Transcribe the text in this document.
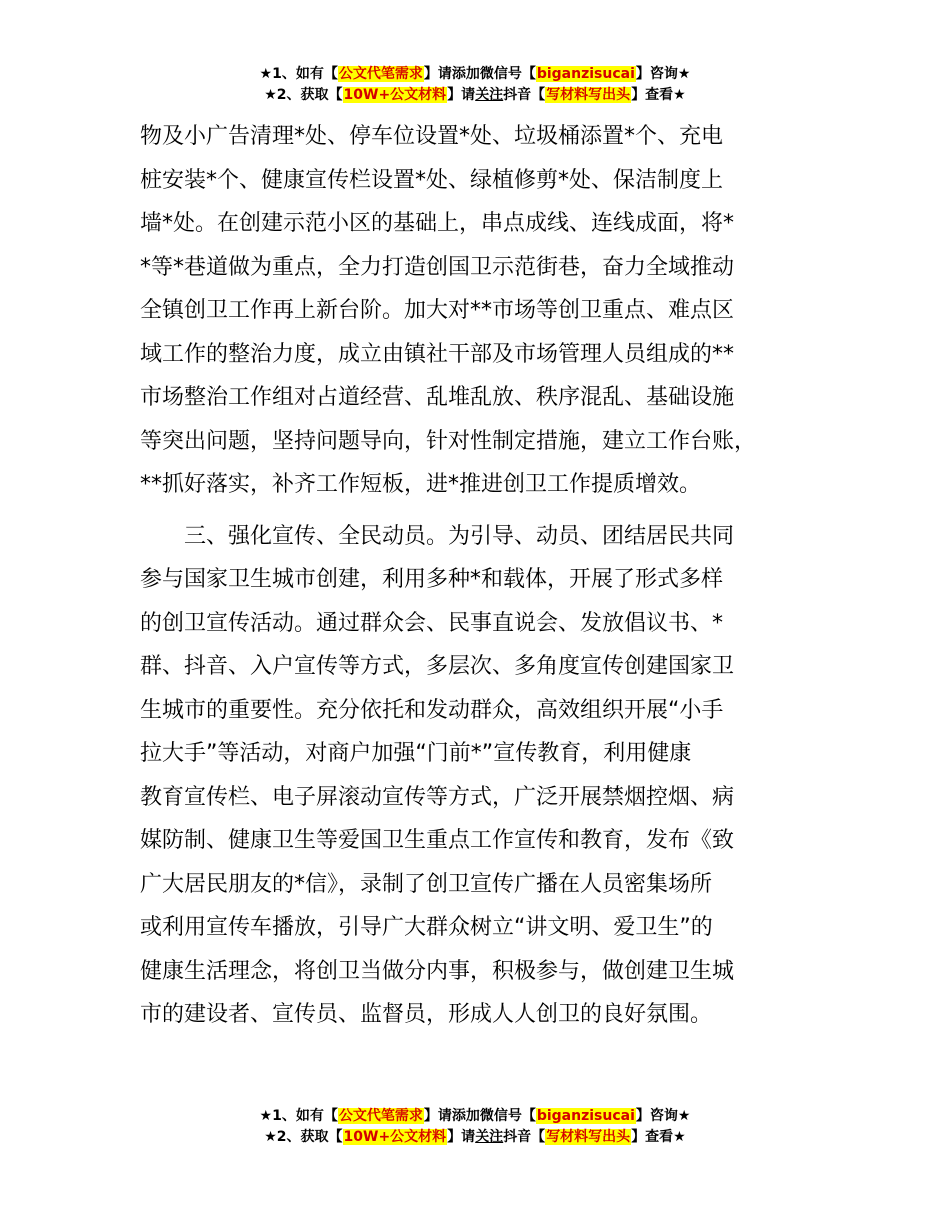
★1、如有【公文代笔需求】请添加微信号【biganzisucai】咨询★
★2、获取【10W+公文材料】请关注抖音【写材料写出头】查看★

物及小广告清理*处、停车位设置*处、垃圾桶添置*个、充电
桩安装*个、健康宣传栏设置*处、绿植修剪*处、保洁制度上
墙*处。在创建示范小区的基础上，串点成线、连线成面，将*
*等*巷道做为重点，全力打造创国卫示范街巷，奋力全域推动
全镇创卫工作再上新台阶。加大对**市场等创卫重点、难点区
域工作的整治力度，成立由镇社干部及市场管理人员组成的**
市场整治工作组对占道经营、乱堆乱放、秩序混乱、基础设施
等突出问题，坚持问题导向，针对性制定措施，建立工作台账，
**抓好落实，补齐工作短板，进*推进创卫工作提质增效。

三、强化宣传、全民动员。为引导、动员、团结居民共同
参与国家卫生城市创建，利用多种*和载体，开展了形式多样
的创卫宣传活动。通过群众会、民事直说会、发放倡议书、*
群、抖音、入户宣传等方式，多层次、多角度宣传创建国家卫
生城市的重要性。充分依托和发动群众，高效组织开展“小手
拉大手”等活动，对商户加强“门前*”宣传教育，利用健康
教育宣传栏、电子屏滚动宣传等方式，广泛开展禁烟控烟、病
媒防制、健康卫生等爱国卫生重点工作宣传和教育，发布《致
广大居民朋友的*信》，录制了创卫宣传广播在人员密集场所
或利用宣传车播放，引导广大群众树立“讲文明、爱卫生”的
健康生活理念，将创卫当做分内事，积极参与，做创建卫生城
市的建设者、宣传员、监督员，形成人人创卫的良好氛围。

★1、如有【公文代笔需求】请添加微信号【biganzisucai】咨询★
★2、获取【10W+公文材料】请关注抖音【写材料写出头】查看★
